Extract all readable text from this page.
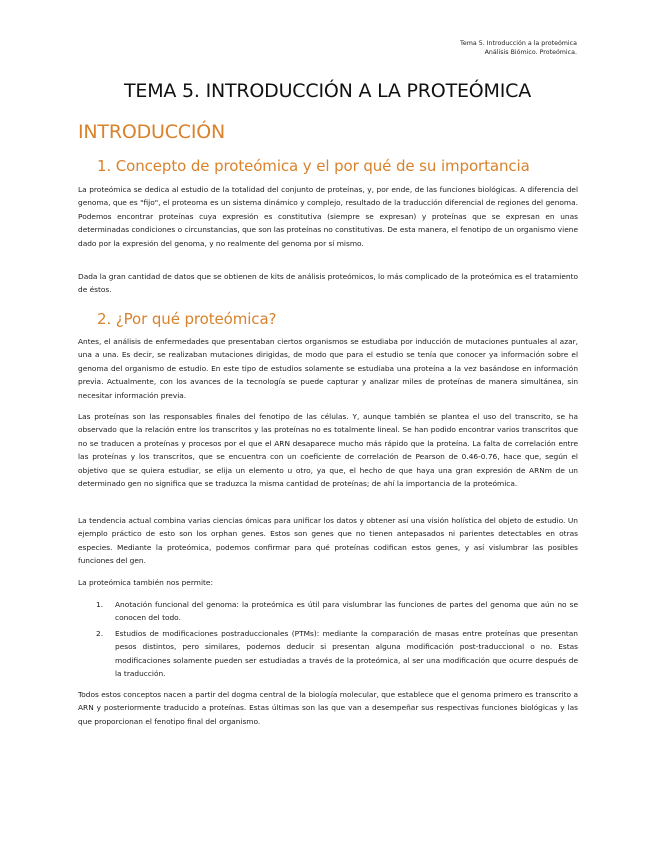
Tema 5. Introducción a la proteómica
Análisis Biómico. Proteómica.
TEMA 5. INTRODUCCIÓN A LA PROTEÓMICA
INTRODUCCIÓN
1. Concepto de proteómica y el por qué de su importancia

La proteómica se dedica al estudio de la totalidad del conjunto de proteínas, y, por ende, de las funciones biológicas. A diferencia del genoma, que es "fijo", el proteoma es un sistema dinámico y complejo, resultado de la traducción diferencial de regiones del genoma. Podemos encontrar proteínas cuya expresión es constitutiva (siempre se expresan) y proteínas que se expresan en unas determinadas condiciones o circunstancias, que son las proteínas no constitutivas. De esta manera, el fenotipo de un organismo viene dado por la expresión del genoma, y no realmente del genoma por sí mismo.

Dada la gran cantidad de datos que se obtienen de kits de análisis proteómicos, lo más complicado de la proteómica es el tratamiento de éstos.

2. ¿Por qué proteómica?

Antes, el análisis de enfermedades que presentaban ciertos organismos se estudiaba por inducción de mutaciones puntuales al azar, una a una. Es decir, se realizaban mutaciones dirigidas, de modo que para el estudio se tenía que conocer ya información sobre el genoma del organismo de estudio. En este tipo de estudios solamente se estudiaba una proteína a la vez basándose en información previa. Actualmente, con los avances de la tecnología se puede capturar y analizar miles de proteínas de manera simultánea, sin necesitar información previa.

Las proteínas son las responsables finales del fenotipo de las células. Y, aunque también se plantea el uso del transcrito, se ha observado que la relación entre los transcritos y las proteínas no es totalmente lineal. Se han podido encontrar varios transcritos que no se traducen a proteínas y procesos por el que el ARN desaparece mucho más rápido que la proteína. La falta de correlación entre las proteínas y los transcritos, que se encuentra con un coeficiente de correlación de Pearson de 0.46-0.76, hace que, según el objetivo que se quiera estudiar, se elija un elemento u otro, ya que, el hecho de que haya una gran expresión de ARNm de un determinado gen no significa que se traduzca la misma cantidad de proteínas; de ahí la importancia de la proteómica.

La tendencia actual combina varias ciencias ómicas para unificar los datos y obtener así una visión holística del objeto de estudio. Un ejemplo práctico de esto son los orphan genes. Estos son genes que no tienen antepasados ni parientes detectables en otras especies. Mediante la proteómica, podemos confirmar para qué proteínas codifican estos genes, y así vislumbrar las posibles funciones del gen.

La proteómica también nos permite:

1. Anotación funcional del genoma: la proteómica es útil para vislumbrar las funciones de partes del genoma que aún no se conocen del todo.
2. Estudios de modificaciones postraduccionales (PTMs): mediante la comparación de masas entre proteínas que presentan pesos distintos, pero similares, podemos deducir si presentan alguna modificación post-traduccional o no. Estas modificaciones solamente pueden ser estudiadas a través de la proteómica, al ser una modificación que ocurre después de la traducción.

Todos estos conceptos nacen a partir del dogma central de la biología molecular, que establece que el genoma primero es transcrito a ARN y posteriormente traducido a proteínas. Estas últimas son las que van a desempeñar sus respectivas funciones biológicas y las que proporcionan el fenotipo final del organismo.
